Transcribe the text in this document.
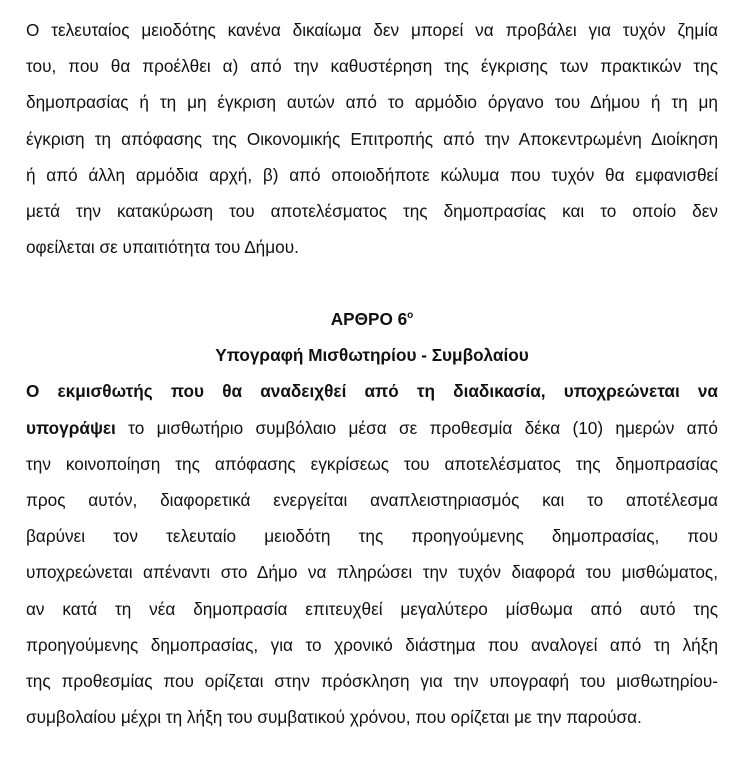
Ο τελευταίος μειοδότης κανένα δικαίωμα δεν μπορεί να προβάλει για τυχόν ζημία
του, που θα προέλθει α) από την καθυστέρηση της έγκρισης των πρακτικών της
δημοπρασίας ή τη μη έγκριση αυτών από το αρμόδιο όργανο του Δήμου ή τη μη
έγκριση τη απόφασης της Οικονομικής Επιτροπής από την Αποκεντρωμένη Διοίκηση
ή από άλλη αρμόδια αρχή, β) από οποιοδήποτε κώλυμα που τυχόν θα εμφανισθεί
μετά την κατακύρωση του αποτελέσματος της δημοπρασίας και το οποίο δεν
οφείλεται σε υπαιτιότητα του Δήμου.

ΑΡΘΡΟ $6^o$

Υπογραφή Μισθωτηρίου - Συμβολαίου

Ο εκμισθωτής που θα αναδειχθεί από τη διαδικασία, υποχρεώνεται να
υπογράψει το μισθωτήριο συμβόλαιο μέσα σε προθεσμία δέκα (10) ημερών από
την κοινοποίηση της απόφασης εγκρίσεως του αποτελέσματος της δημοπρασίας
προς αυτόν, διαφορετικά ενεργείται αναπλειστηριασμός και το αποτέλεσμα
βαρύνει τον τελευταίο μειοδότη της προηγούμενης δημοπρασίας, που
υποχρεώνεται απέναντι στο Δήμο να πληρώσει την τυχόν διαφορά του μισθώματος,
αν κατά τη νέα δημοπρασία επιτευχθεί μεγαλύτερο μίσθωμα από αυτό της
προηγούμενης δημοπρασίας, για το χρονικό διάστημα που αναλογεί από τη λήξη
της προθεσμίας που ορίζεται στην πρόσκληση για την υπογραφή του μισθωτηρίου-
συμβολαίου μέχρι τη λήξη του συμβατικού χρόνου, που ορίζεται με την παρούσα.
